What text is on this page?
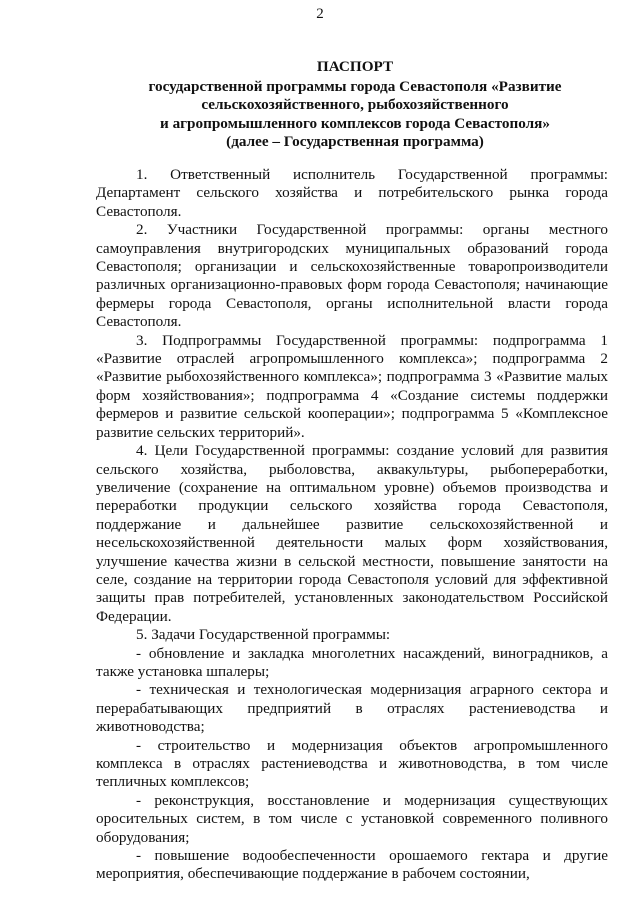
2
ПАСПОРТ
государственной программы города Севастополя «Развитие
сельскохозяйственного, рыбохозяйственного
и агропромышленного комплексов города Севастополя»
(далее – Государственная программа)

1. Ответственный исполнитель Государственной программы: Департамент сельского хозяйства и потребительского рынка города Севастополя.

2. Участники Государственной программы: органы местного самоуправления внутригородских муниципальных образований города Севастополя; организации и сельскохозяйственные товаропроизводители различных организационно-правовых форм города Севастополя; начинающие фермеры города Севастополя, органы исполнительной власти города Севастополя.

3. Подпрограммы Государственной программы: подпрограмма 1 «Развитие отраслей агропромышленного комплекса»; подпрограмма 2 «Развитие рыбохозяйственного комплекса»; подпрограмма 3 «Развитие малых форм хозяйствования»; подпрограмма 4 «Создание системы поддержки фермеров и развитие сельской кооперации»; подпрограмма 5 «Комплексное развитие сельских территорий».

4. Цели Государственной программы: создание условий для развития сельского хозяйства, рыболовства, аквакультуры, рыбопереработки, увеличение (сохранение на оптимальном уровне) объемов производства и переработки продукции сельского хозяйства города Севастополя, поддержание и дальнейшее развитие сельскохозяйственной и несельскохозяйственной деятельности малых форм хозяйствования, улучшение качества жизни в сельской местности, повышение занятости на селе, создание на территории города Севастополя условий для эффективной защиты прав потребителей, установленных законодательством Российской Федерации.

5. Задачи Государственной программы:

- обновление и закладка многолетних насаждений, виноградников, а также установка шпалеры;

- техническая и технологическая модернизация аграрного сектора и перерабатывающих предприятий в отраслях растениеводства и животноводства;

- строительство и модернизация объектов агропромышленного комплекса в отраслях растениеводства и животноводства, в том числе тепличных комплексов;

- реконструкция, восстановление и модернизация существующих оросительных систем, в том числе с установкой современного поливного оборудования;

- повышение водообеспеченности орошаемого гектара и другие мероприятия, обеспечивающие поддержание в рабочем состоянии,
